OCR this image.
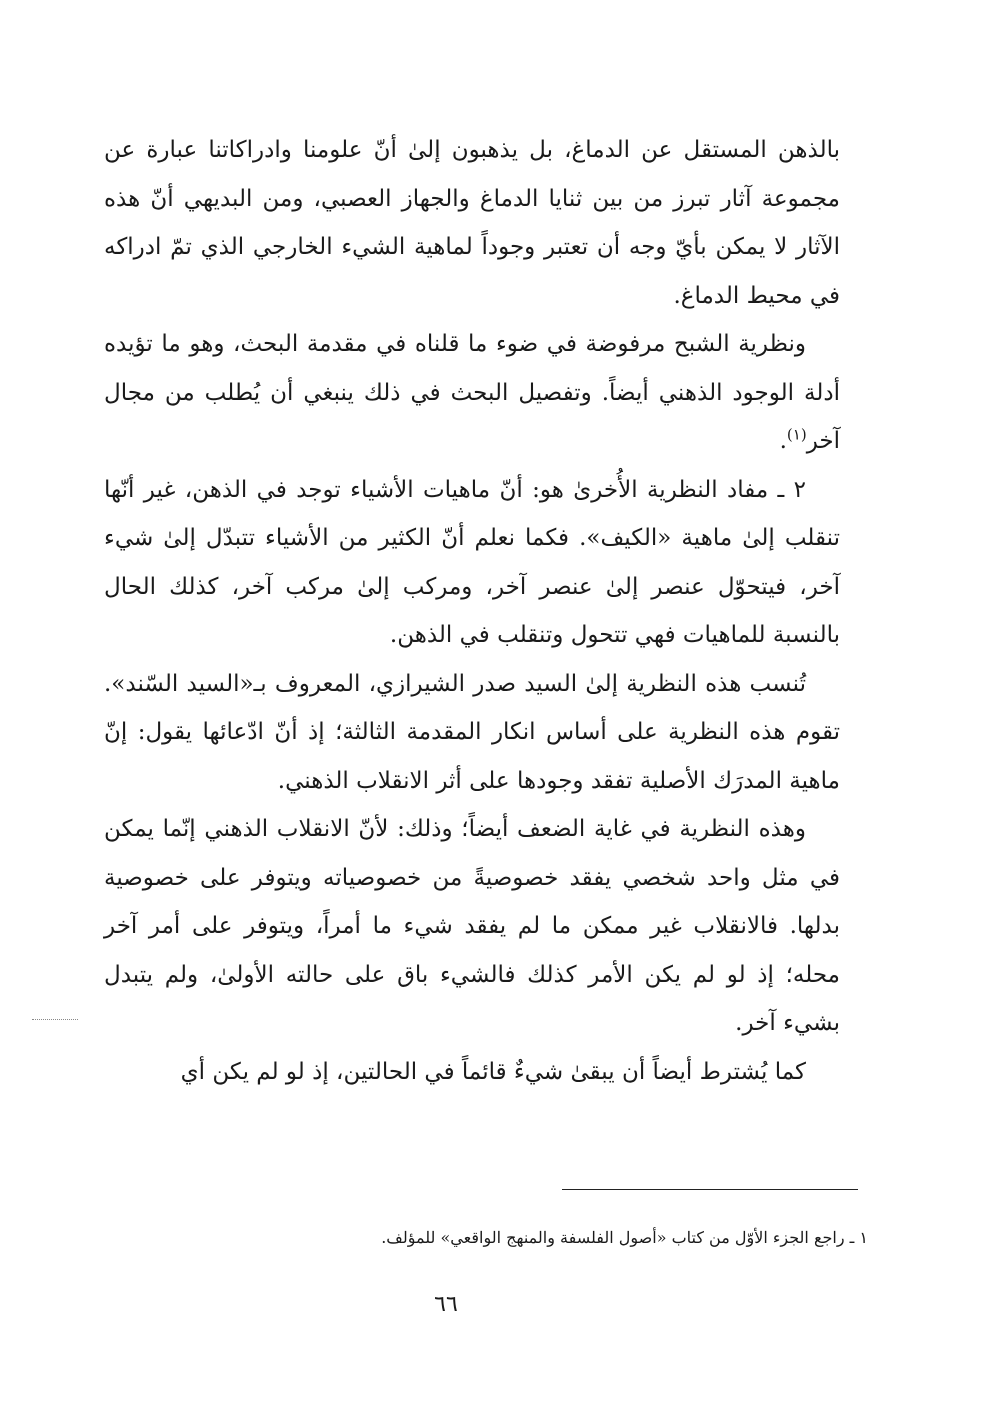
بالذهن المستقل عن الدماغ، بل يذهبون إلىٰ أنّ علومنا وادراكاتنا عبارة عن مجموعة آثار تبرز من بين ثنايا الدماغ والجهاز العصبي، ومن البديهي أنّ هذه الآثار لا يمكن بأيّ وجه أن تعتبر وجوداً لماهية الشيء الخارجي الذي تمّ ادراكه في محيط الدماغ.

ونظرية الشبح مرفوضة في ضوء ما قلناه في مقدمة البحث، وهو ما تؤيده أدلة الوجود الذهني أيضاً. وتفصيل البحث في ذلك ينبغي أن يُطلب من مجال آخر$^{(١)}$.

٢ ـ مفاد النظرية الأُخرىٰ هو: أنّ ماهيات الأشياء توجد في الذهن، غير أنّها تنقلب إلىٰ ماهية «الكيف». فكما نعلم أنّ الكثير من الأشياء تتبدّل إلىٰ شيء آخر، فيتحوّل عنصر إلىٰ عنصر آخر، ومركب إلىٰ مركب آخر، كذلك الحال بالنسبة للماهيات فهي تتحول وتنقلب في الذهن.

تُنسب هذه النظرية إلىٰ السيد صدر الشيرازي، المعروف بـ«السيد السّند». تقوم هذه النظرية على أساس انكار المقدمة الثالثة؛ إذ أنّ ادّعائها يقول: إنّ ماهية المدرَك الأصلية تفقد وجودها على أثر الانقلاب الذهني.

وهذه النظرية في غاية الضعف أيضاً؛ وذلك: لأنّ الانقلاب الذهني إنّما يمكن في مثل واحد شخصي يفقد خصوصيةً من خصوصياته ويتوفر على خصوصية بدلها. فالانقلاب غير ممكن ما لم يفقد شيء ما أمراً، ويتوفر على أمر آخر محله؛ إذ لو لم يكن الأمر كذلك فالشيء باق على حالته الأولىٰ، ولم يتبدل بشيء آخر.

كما يُشترط أيضاً أن يبقىٰ شيءٌ قائماً في الحالتين، إذ لو لم يكن أي

١ ـ راجع الجزء الأوّل من كتاب «أصول الفلسفة والمنهج الواقعي» للمؤلف.
٦٦
